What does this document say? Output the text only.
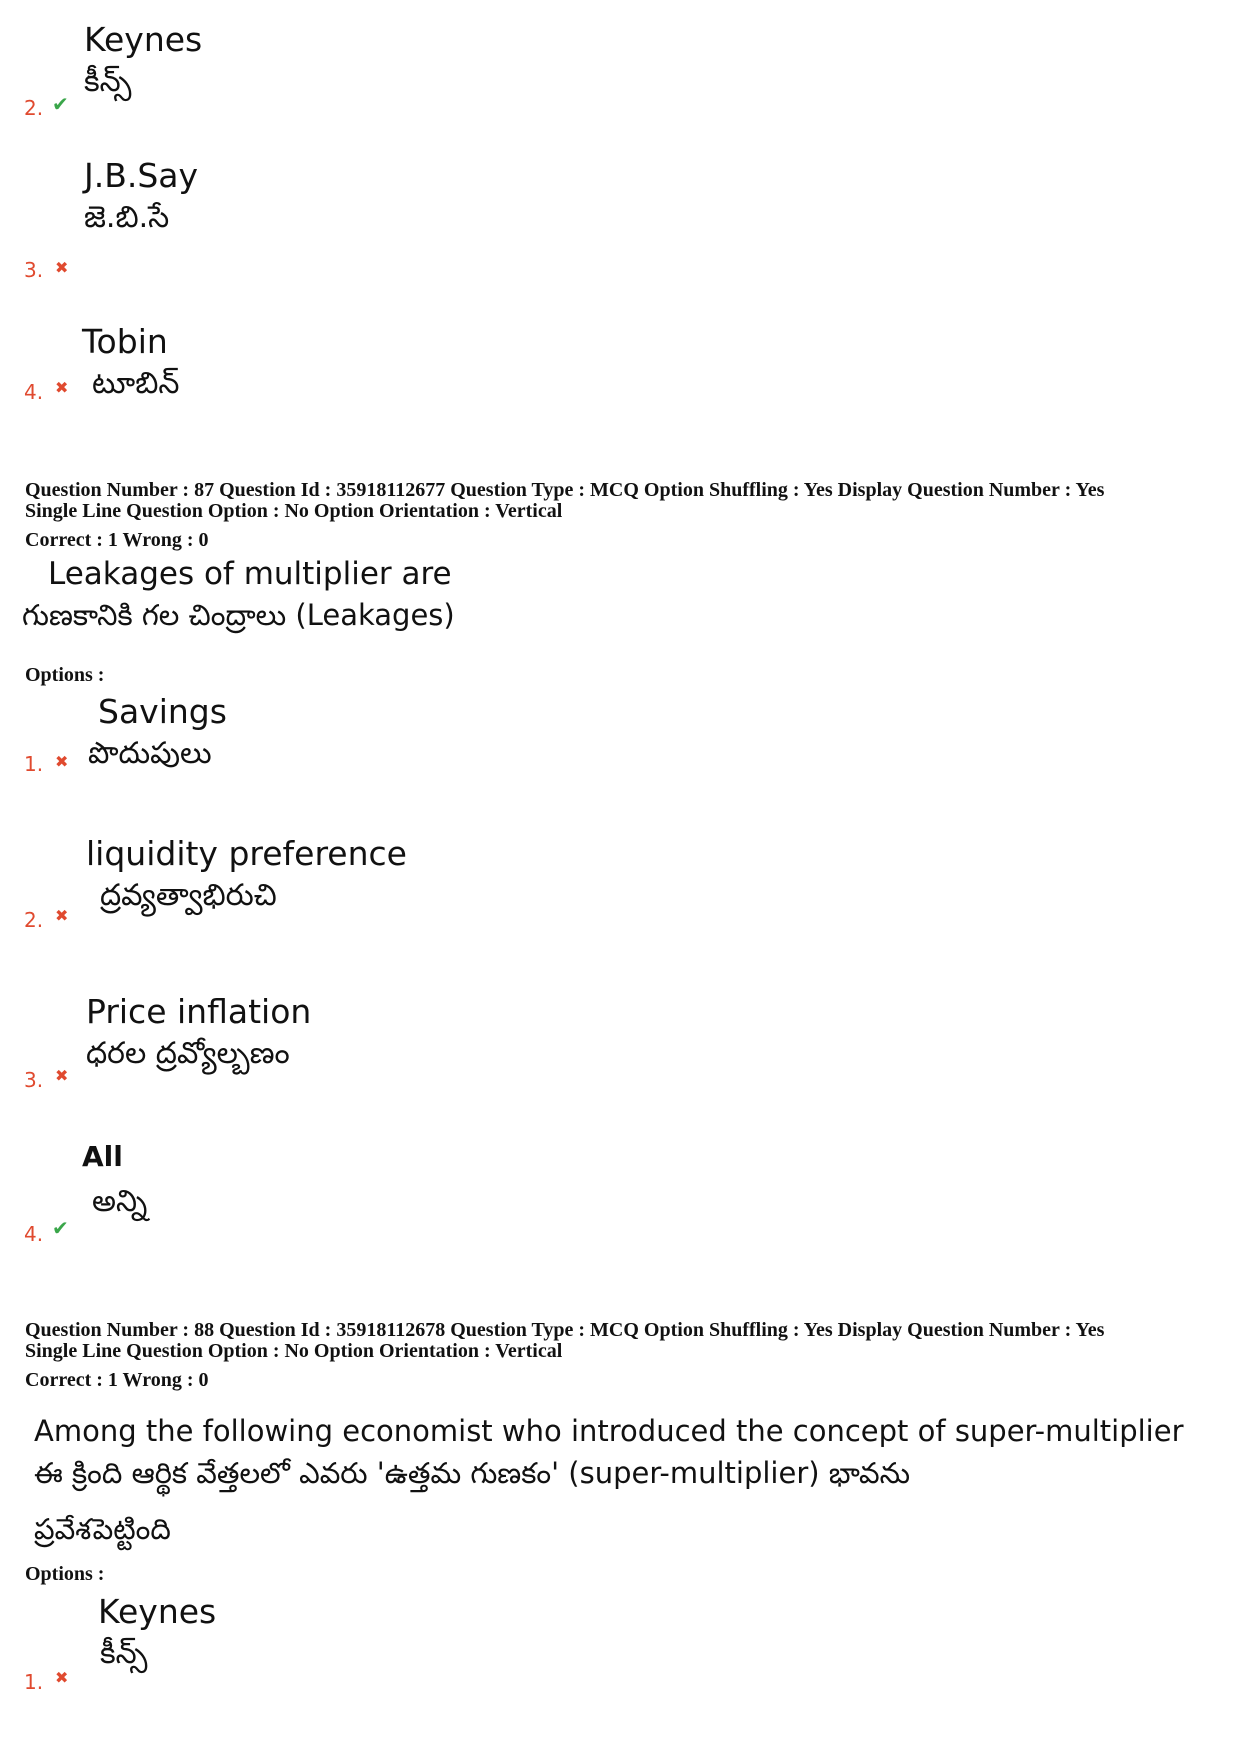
Keynes
కీన్స్
2. ✔
J.B.Say
జె.బి.సే
3. ✖
Tobin
టూబిన్
4. ✖
Question Number : 87 Question Id : 35918112677 Question Type : MCQ Option Shuffling : Yes Display Question Number : Yes
Single Line Question Option : No Option Orientation : Vertical
Correct : 1 Wrong : 0
Leakages of multiplier are
గుణకానికి గల చింద్రాలు (Leakages)
Options :
Savings
పొదుపులు
1. ✖
liquidity preference
ద్రవ్యత్వాభిరుచి
2. ✖
Price inflation
ధరల ద్రవ్యోల్బణం
3. ✖
All
అన్ని
4. ✔
Question Number : 88 Question Id : 35918112678 Question Type : MCQ Option Shuffling : Yes Display Question Number : Yes
Single Line Question Option : No Option Orientation : Vertical
Correct : 1 Wrong : 0
Among the following economist who introduced the concept of super-multiplier
ఈ క్రింది ఆర్థిక వేత్తలలో ఎవరు 'ఉత్తమ గుణకం' (super-multiplier) భావను
ప్రవేశపెట్టింది
Options :
Keynes
కీన్స్
1. ✖
